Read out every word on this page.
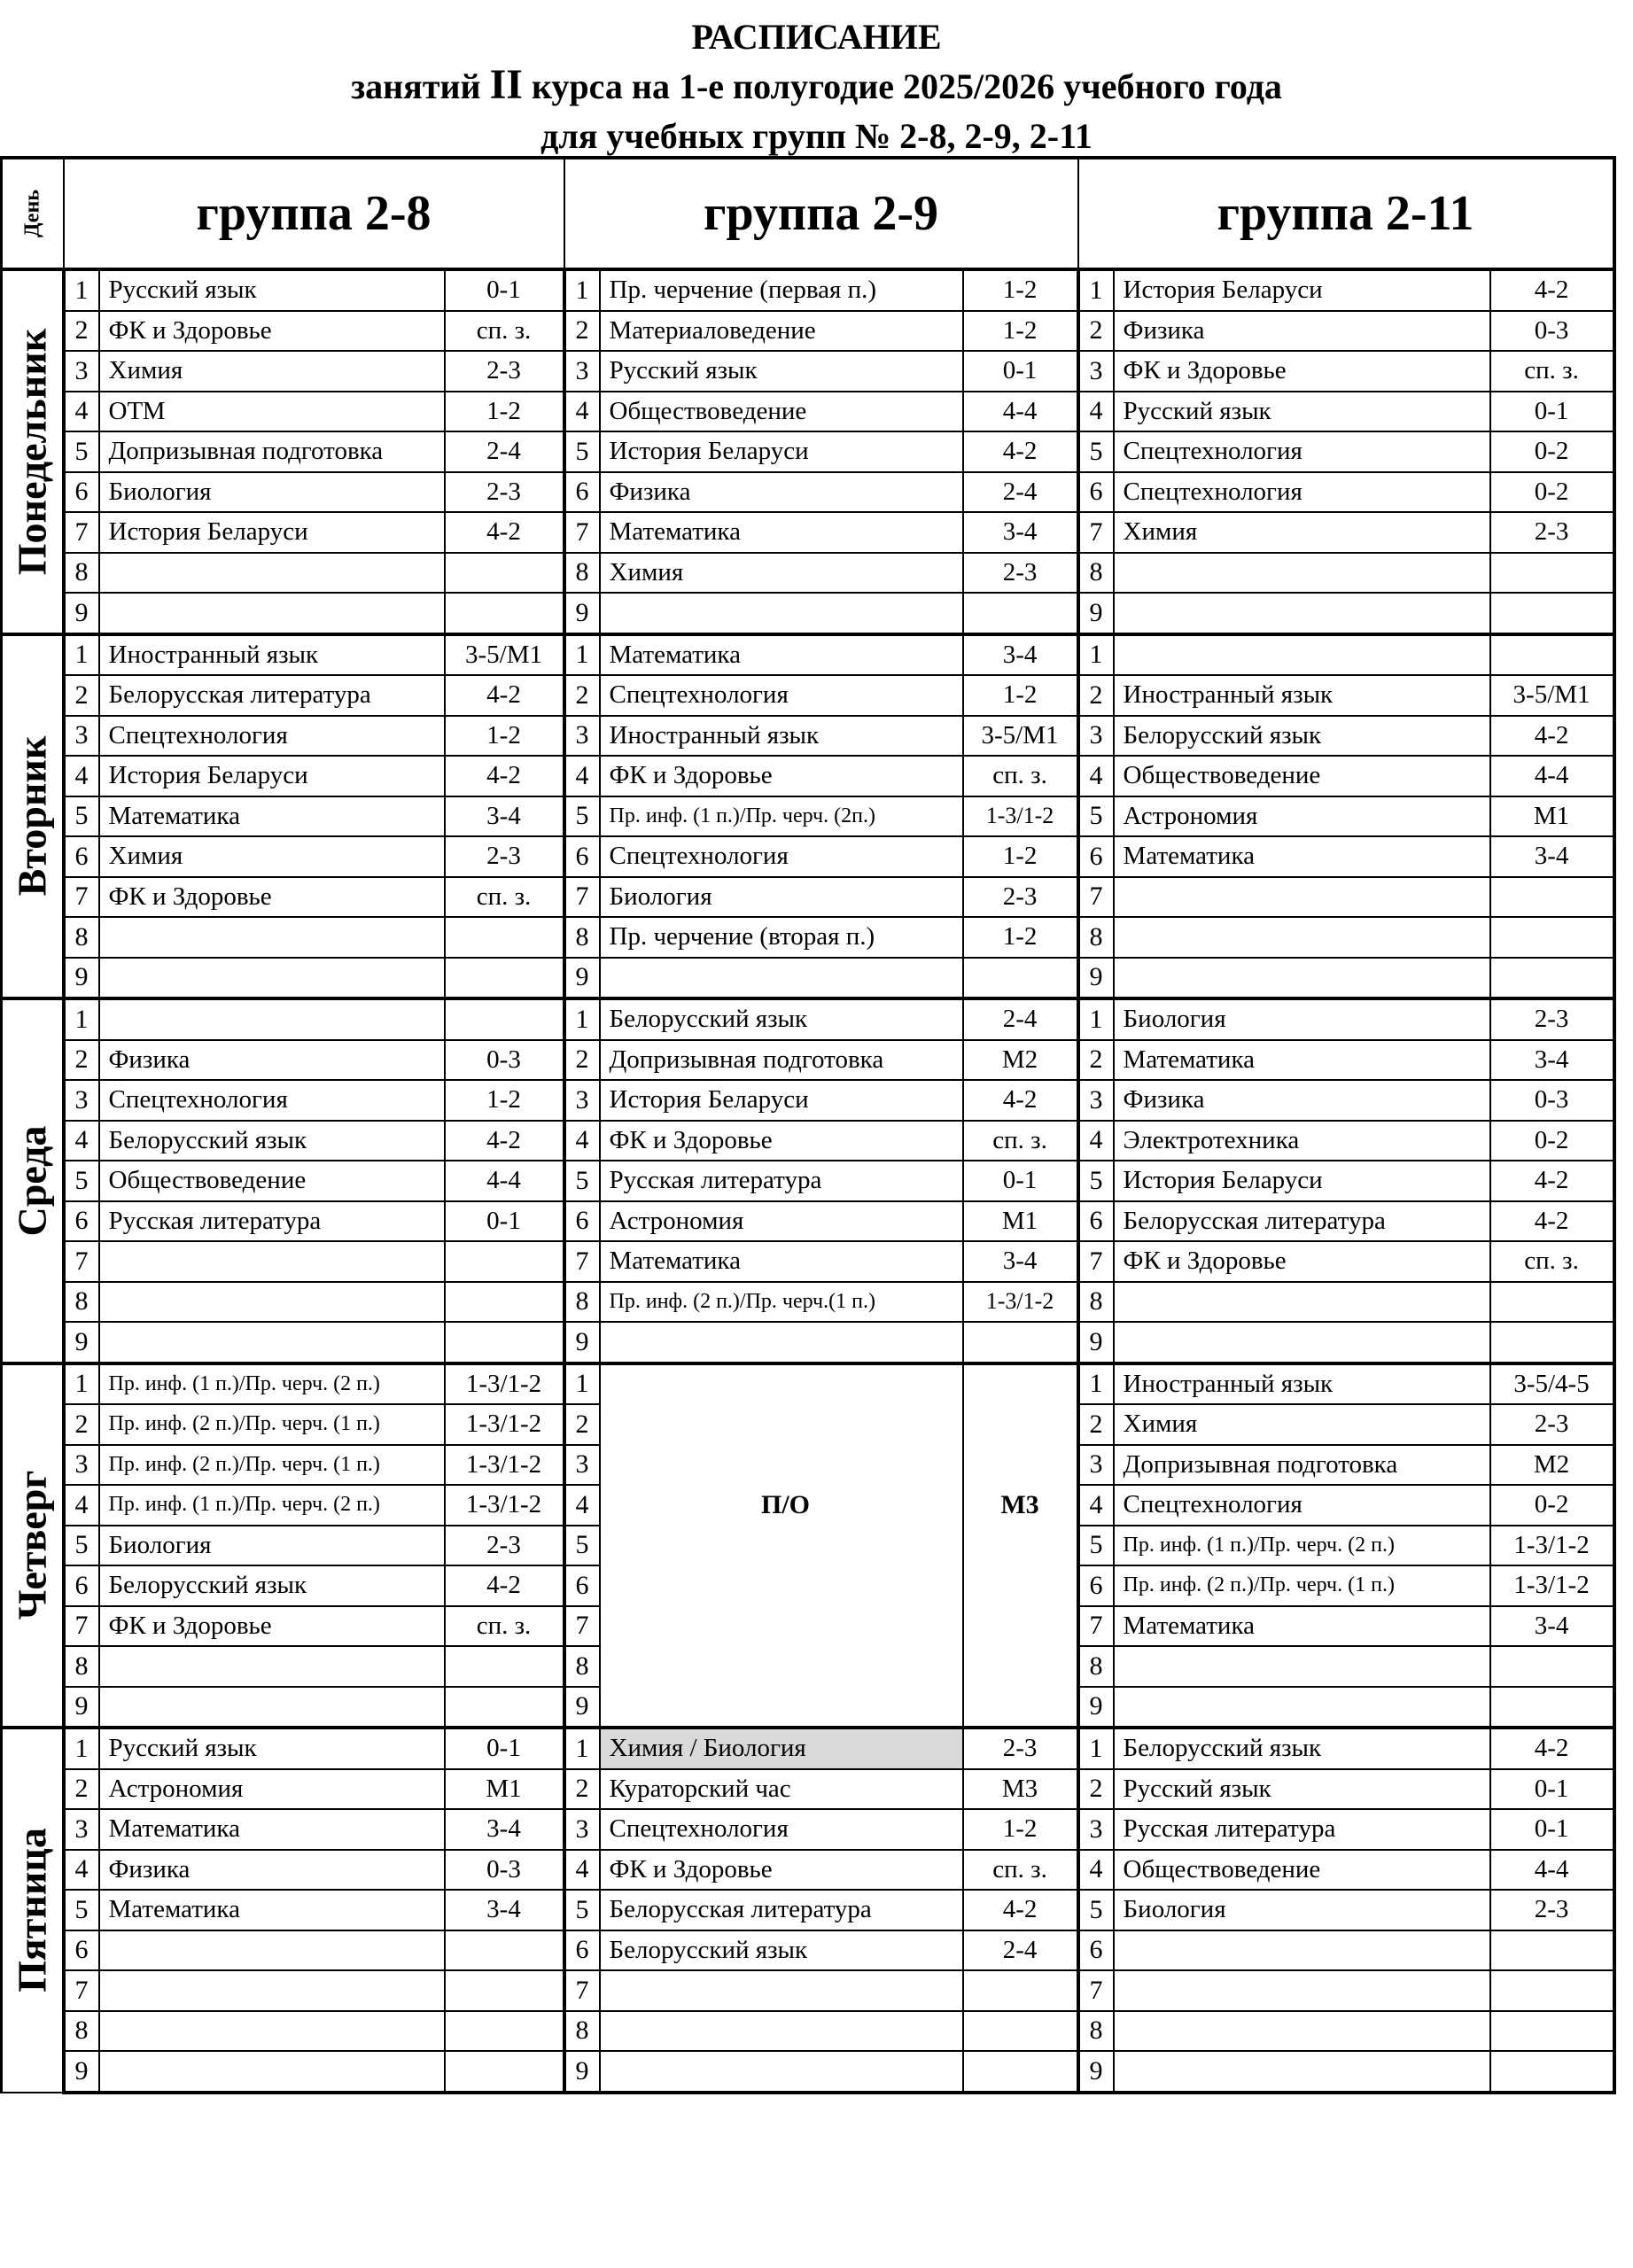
РАСПИСАНИЕ
занятий II курса на 1-е полугодие 2025/2026 учебного года
для учебных групп № 2-8, 2-9, 2-11
День	группа 2-8			группа 2-9			группа 2-11		

Понедельник	1	Русский язык	0-1	1	Пр. черчение (первая п.)	1-2	1	История Беларуси	4-2
	2	ФК и Здоровье	сп. з.	2	Материаловедение	1-2	2	Физика	0-3
	3	Химия	2-3	3	Русский язык	0-1	3	ФК и Здоровье	сп. з.
	4	ОТМ	1-2	4	Обществоведение	4-4	4	Русский язык	0-1
	5	Допризывная подготовка	2-4	5	История Беларуси	4-2	5	Спецтехнология	0-2
	6	Биология	2-3	6	Физика	2-4	6	Спецтехнология	0-2
	7	История Беларуси	4-2	7	Математика	3-4	7	Химия	2-3
	8			8	Химия	2-3	8		
	9			9			9		

Вторник	1	Иностранный язык	3-5/М1	1	Математика	3-4	1		
	2	Белорусская литература	4-2	2	Спецтехнология	1-2	2	Иностранный язык	3-5/М1
	3	Спецтехнология	1-2	3	Иностранный язык	3-5/М1	3	Белорусский язык	4-2
	4	История Беларуси	4-2	4	ФК и Здоровье	сп. з.	4	Обществоведение	4-4
	5	Математика	3-4	5	Пр. инф. (1 п.)/Пр. черч. (2п.)	1-3/1-2	5	Астрономия	М1
	6	Химия	2-3	6	Спецтехнология	1-2	6	Математика	3-4
	7	ФК и Здоровье	сп. з.	7	Биология	2-3	7		
	8			8	Пр. черчение (вторая п.)	1-2	8		
	9			9			9		

Среда	1			1	Белорусский язык	2-4	1	Биология	2-3
	2	Физика	0-3	2	Допризывная подготовка	М2	2	Математика	3-4
	3	Спецтехнология	1-2	3	История Беларуси	4-2	3	Физика	0-3
	4	Белорусский язык	4-2	4	ФК и Здоровье	сп. з.	4	Электротехника	0-2
	5	Обществоведение	4-4	5	Русская литература	0-1	5	История Беларуси	4-2
	6	Русская литература	0-1	6	Астрономия	М1	6	Белорусская литература	4-2
	7			7	Математика	3-4	7	ФК и Здоровье	сп. з.
	8			8	Пр. инф. (2 п.)/Пр. черч.(1 п.)	1-3/1-2	8		
	9			9			9		

Четверг	1	Пр. инф. (1 п.)/Пр. черч. (2 п.)	1-3/1-2	1			1	Иностранный язык	3-5/4-5
	2	Пр. инф. (2 п.)/Пр. черч. (1 п.)	1-3/1-2	2			2	Химия	2-3
	3	Пр. инф. (2 п.)/Пр. черч. (1 п.)	1-3/1-2	3			3	Допризывная подготовка	М2
	4	Пр. инф. (1 п.)/Пр. черч. (2 п.)	1-3/1-2	4	П/О	М3	4	Спецтехнология	0-2
	5	Биология	2-3	5			5	Пр. инф. (1 п.)/Пр. черч. (2 п.)	1-3/1-2
	6	Белорусский язык	4-2	6			6	Пр. инф. (2 п.)/Пр. черч. (1 п.)	1-3/1-2
	7	ФК и Здоровье	сп. з.	7			7	Математика	3-4
	8			8			8		
	9			9			9		

Пятница	1	Русский язык	0-1	1	Химия / Биология	2-3	1	Белорусский язык	4-2
	2	Астрономия	М1	2	Кураторский час	М3	2	Русский язык	0-1
	3	Математика	3-4	3	Спецтехнология	1-2	3	Русская литература	0-1
	4	Физика	0-3	4	ФК и Здоровье	сп. з.	4	Обществоведение	4-4
	5	Математика	3-4	5	Белорусская литература	4-2	5	Биология	2-3
	6			6	Белорусский язык	2-4	6		
	7			7			7		
	8			8			8		
	9			9			9		
